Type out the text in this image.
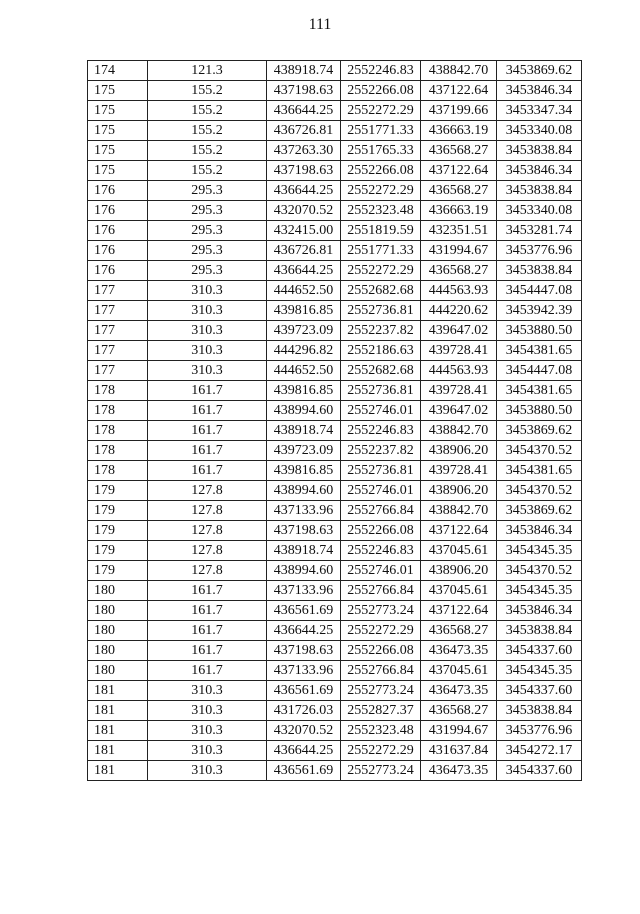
111
174	121.3	438918.74	2552246.83	438842.70	3453869.62
175	155.2	437198.63	2552266.08	437122.64	3453846.34
175	155.2	436644.25	2552272.29	437199.66	3453347.34
175	155.2	436726.81	2551771.33	436663.19	3453340.08
175	155.2	437263.30	2551765.33	436568.27	3453838.84
175	155.2	437198.63	2552266.08	437122.64	3453846.34
176	295.3	436644.25	2552272.29	436568.27	3453838.84
176	295.3	432070.52	2552323.48	436663.19	3453340.08
176	295.3	432415.00	2551819.59	432351.51	3453281.74
176	295.3	436726.81	2551771.33	431994.67	3453776.96
176	295.3	436644.25	2552272.29	436568.27	3453838.84
177	310.3	444652.50	2552682.68	444563.93	3454447.08
177	310.3	439816.85	2552736.81	444220.62	3453942.39
177	310.3	439723.09	2552237.82	439647.02	3453880.50
177	310.3	444296.82	2552186.63	439728.41	3454381.65
177	310.3	444652.50	2552682.68	444563.93	3454447.08
178	161.7	439816.85	2552736.81	439728.41	3454381.65
178	161.7	438994.60	2552746.01	439647.02	3453880.50
178	161.7	438918.74	2552246.83	438842.70	3453869.62
178	161.7	439723.09	2552237.82	438906.20	3454370.52
178	161.7	439816.85	2552736.81	439728.41	3454381.65
179	127.8	438994.60	2552746.01	438906.20	3454370.52
179	127.8	437133.96	2552766.84	438842.70	3453869.62
179	127.8	437198.63	2552266.08	437122.64	3453846.34
179	127.8	438918.74	2552246.83	437045.61	3454345.35
179	127.8	438994.60	2552746.01	438906.20	3454370.52
180	161.7	437133.96	2552766.84	437045.61	3454345.35
180	161.7	436561.69	2552773.24	437122.64	3453846.34
180	161.7	436644.25	2552272.29	436568.27	3453838.84
180	161.7	437198.63	2552266.08	436473.35	3454337.60
180	161.7	437133.96	2552766.84	437045.61	3454345.35
181	310.3	436561.69	2552773.24	436473.35	3454337.60
181	310.3	431726.03	2552827.37	436568.27	3453838.84
181	310.3	432070.52	2552323.48	431994.67	3453776.96
181	310.3	436644.25	2552272.29	431637.84	3454272.17
181	310.3	436561.69	2552773.24	436473.35	3454337.60
